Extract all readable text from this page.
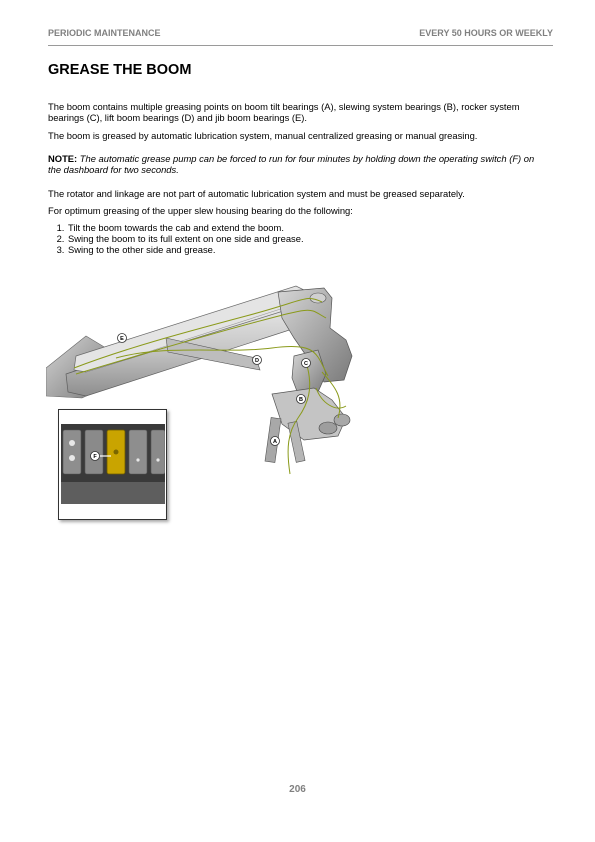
PERIODIC MAINTENANCE	EVERY 50 HOURS OR WEEKLY
GREASE THE BOOM

The boom contains multiple greasing points on boom tilt bearings (A), slewing system bearings (B), rocker system bearings (C), lift boom bearings (D) and jib boom bearings (E).

The boom is greased by automatic lubrication system, manual centralized greasing or manual greasing.

NOTE: The automatic grease pump can be forced to run for four minutes by holding down the operating switch (F) on the dashboard for two seconds.

The rotator and linkage are not part of automatic lubrication system and must be greased separately.

For optimum greasing of the upper slew housing bearing do the following:

1. Tilt the boom towards the cab and extend the boom.
2. Swing the boom to its full extent on one side and grease.
3. Swing to the other side and grease.
E
D	C
B
A
F
206
